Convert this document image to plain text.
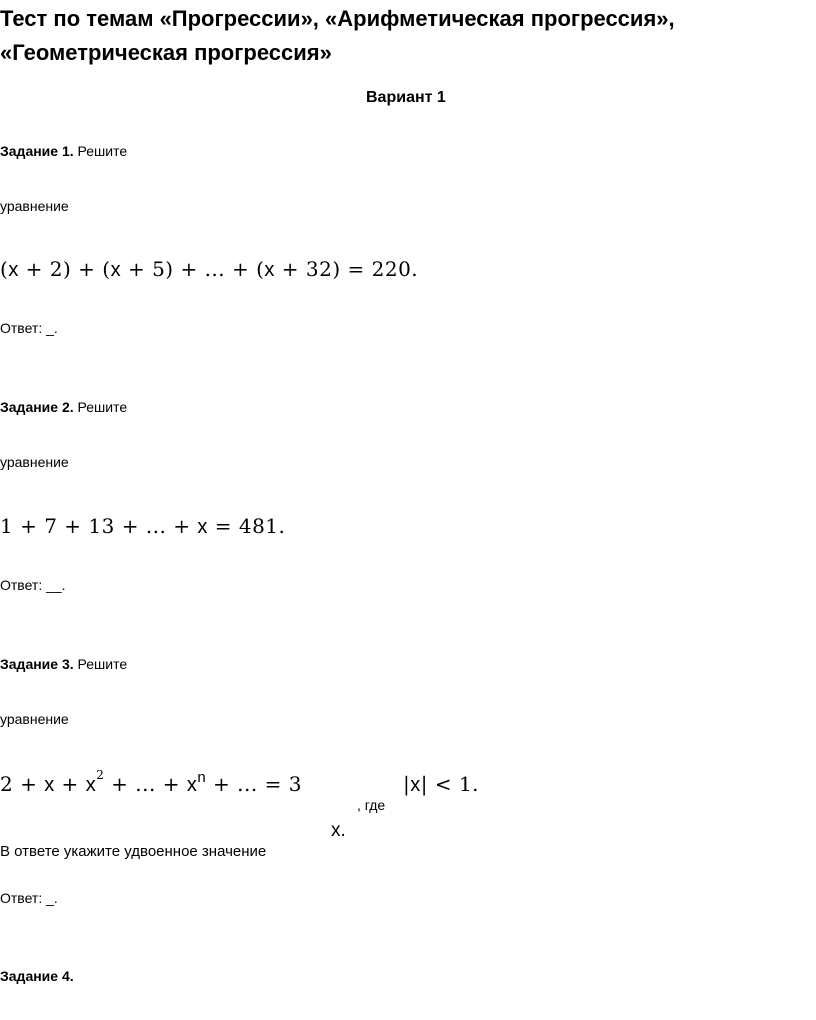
Тест по темам «Прогрессии», «Арифметическая прогрессия»,
«Геометрическая прогрессия»
Вариант 1
Задание 1. Решите
уравнение
(x + 2) + (x + 5) + ... + (x + 32) = 220.
Ответ: _.
Задание 2. Решите
уравнение
1 + 7 + 13 + ... + x = 481.
Ответ: __.
Задание 3. Решите
уравнение
$2 + x + x^2$ + ... + $x^n$ + ... = 3
, где
|x| < 1.
x.
В ответе укажите удвоенное значение
Ответ: _.
Задание 4.
